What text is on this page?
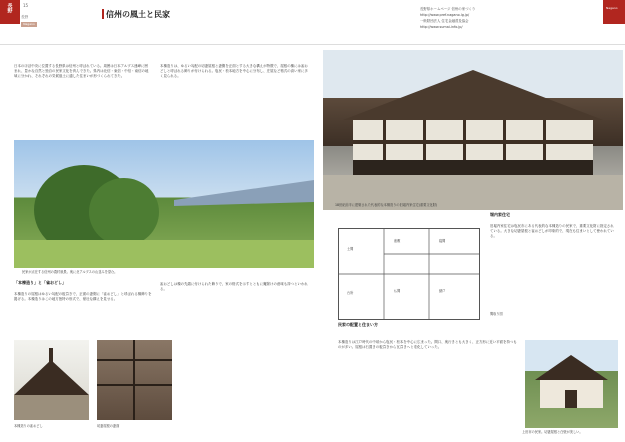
長野	15
長野
Nagano
信州の風土と民家
長野県ホームページ 信州の家づくり
http://www.pref.nagano.lg.jp/
一般財団法人 住宅金融普及協会
http://www.sumai-info.jp/
Nagano
日本のほぼ中央に位置する長野県は信州と呼ばれている。周囲は日本アルプス連峰に囲まれ、豊かな自然と独自の民家文化を育んできた。県内は北信・東信・中信・南信の地域に分かれ、それぞれの気候風土に適した住まいが形づくられてきた。
本棟造りは、ゆるい勾配の切妻屋根と妻側を正面とする大きな構えが特徴で、屋根の棟には雀おどしと呼ばれる飾りが付けられる。塩尻・松本地方を中心に分布し、庄屋など格式の高い家に多く見られる。
18世紀前半に建築された代表的な本棟造りの旧堀内家住宅(重要文化財)
民家が点在する信州の農村風景。奥に北アルプスの山並みを望む。
土間
台所
座敷	寝間
仏間	納戸
間取り図
民家の配置と住まい方
堀内家住宅
旧堀内家住宅は塩尻市にある代表的な本棟造りの民家で、重要文化財に指定されている。大きな切妻屋根と雀おどしが印象的で、現在も住まいとして使われている。
「本棟造り」と「雀おどし」
本棟造りの屋根はゆるい勾配の板葺きで、正面の妻側に「雀おどし」と呼ばれる棟飾りを掲げる。本棟造りはこの地方独特の形式で、豪壮な構えを見せる。
雀おどしは棟の先端に付けられた飾りで、家の格式を示すとともに魔除けの意味も持つといわれる。
本棟造りの雀おどし	切妻屋根の妻面
本棟造りは江戸時代の中頃から塩尻・松本を中心に広まった。間口、奥行きとも大きく、正方形に近い平面を持つものが多い。屋根は石置きの板葺きから瓦葺きへと変化していった。
上田市の民家。切妻屋根と白壁が美しい。
